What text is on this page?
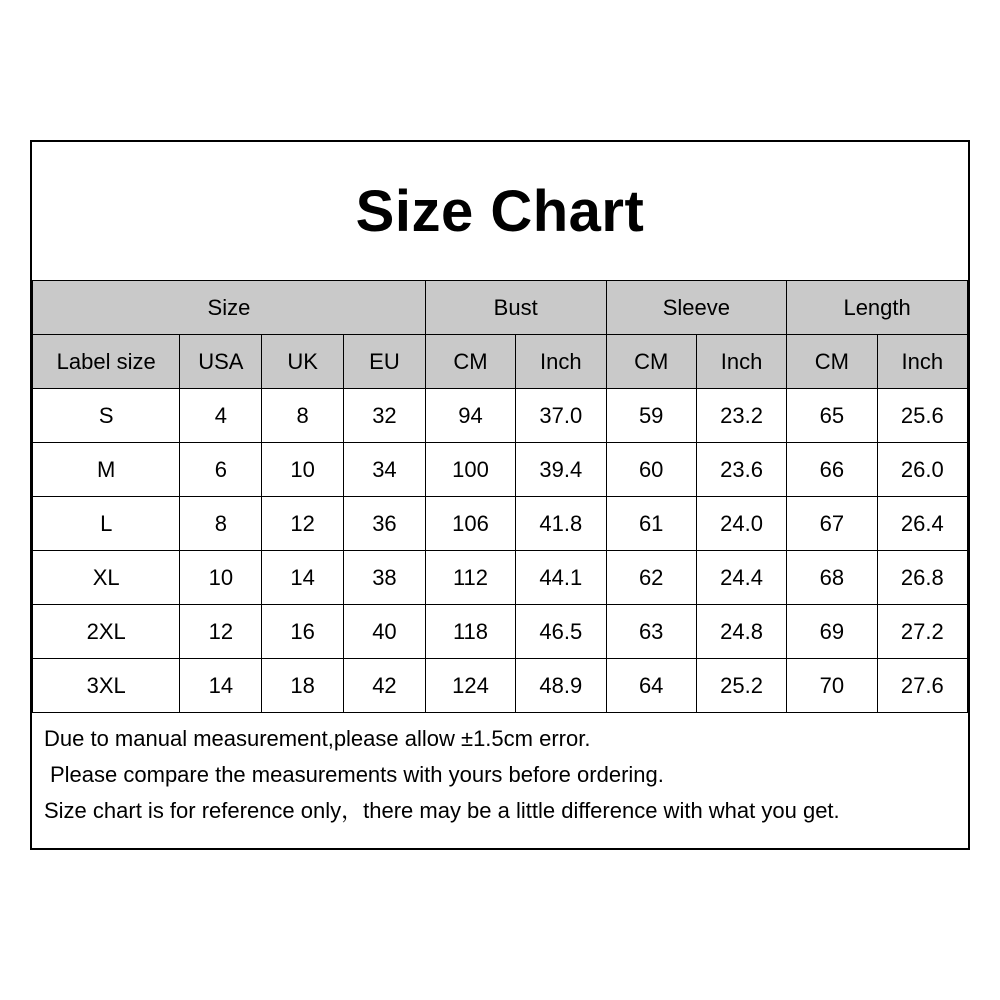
Size Chart
Size				Bust		Sleeve		Length	
Label size	USA	UK	EU	CM	Inch	CM	Inch	CM	Inch
S	4	8	32	94	37.0	59	23.2	65	25.6
M	6	10	34	100	39.4	60	23.6	66	26.0
L	8	12	36	106	41.8	61	24.0	67	26.4
XL	10	14	38	112	44.1	62	24.4	68	26.8
2XL	12	16	40	118	46.5	63	24.8	69	27.2
3XL	14	18	42	124	48.9	64	25.2	70	27.6
Due to manual measurement,please allow ±1.5cm error.
Please compare the measurements with yours before ordering.
Size chart is for reference only，there may be a little difference with what you get.
